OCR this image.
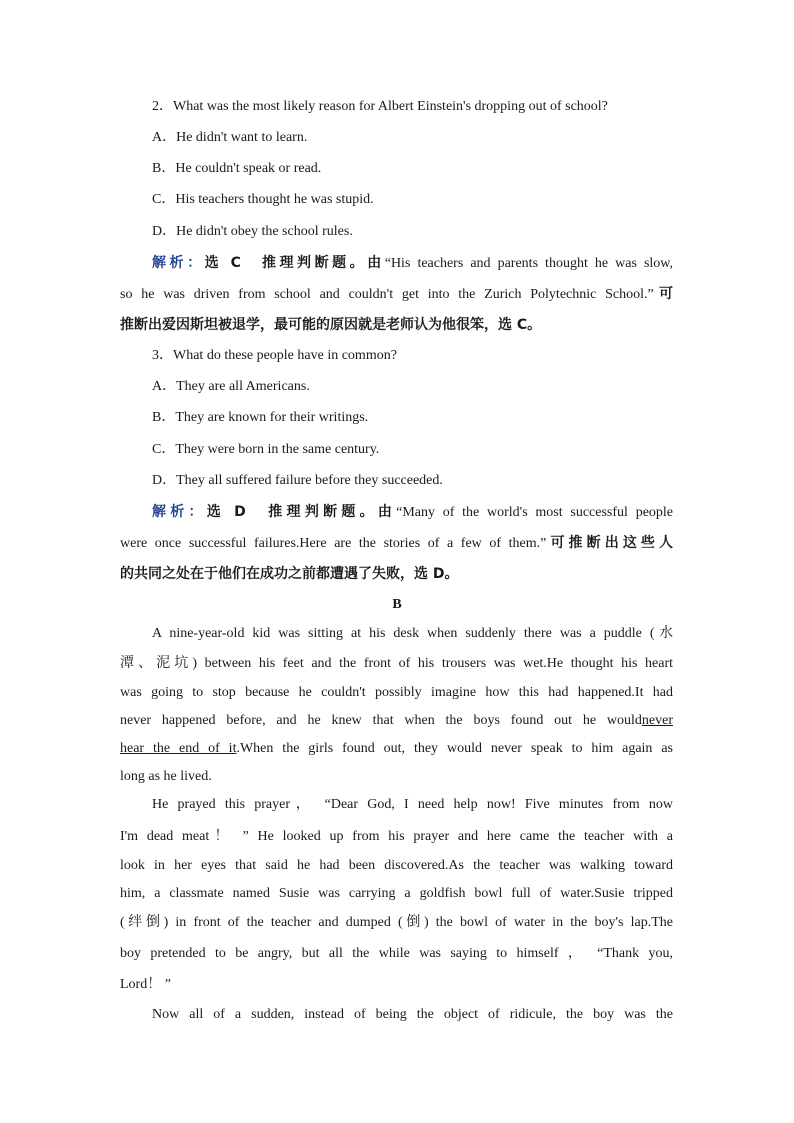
2．What was the most likely reason for Albert Einstein's dropping out of school?
A．He didn't want to learn.
B．He couldn't speak or read.
C．His teachers thought he was stupid.
D．He didn't obey the school rules.
解析：选 C　推理判断题。由“His teachers and parents thought he was slow,
so he was driven from school and couldn't get into the Zurich Polytechnic School.”可
推断出爱因斯坦被退学，最可能的原因就是老师认为他很笨，选 C。
3．What do these people have in common?
A．They are all Americans.
B．They are known for their writings.
C．They were born in the same century.
D．They all suffered failure before they succeeded.
解析：选 D　推理判断题。由“Many of the world's most successful people
were once successful failures.Here are the stories of a few of them.”可推断出这些人
的共同之处在于他们在成功之前都遭遇了失败，选 D。
B
A nine-year-old kid was sitting at his desk when suddenly there was a puddle (水
潭、泥坑) between his feet and the front of his trousers was wet.He thought his heart
was going to stop because he couldn't possibly imagine how this had happened.It had
never happened before, and he knew that when the boys found out he wouldnever
hear the end of it.When the girls found out, they would never speak to him again as
long as he lived.
He prayed this prayer， “Dear God, I need help now! Five minutes from now
I'm dead meat！ ” He looked up from his prayer and here came the teacher with a
look in her eyes that said he had been discovered.As the teacher was walking toward
him, a classmate named Susie was carrying a goldfish bowl full of water.Susie tripped
(绊倒) in front of the teacher and dumped (倒) the bowl of water in the boy's lap.The
boy pretended to be angry, but all the while was saying to himself ， “Thank you,
Lord！ ”
Now all of a sudden, instead of being the object of ridicule, the boy was the
